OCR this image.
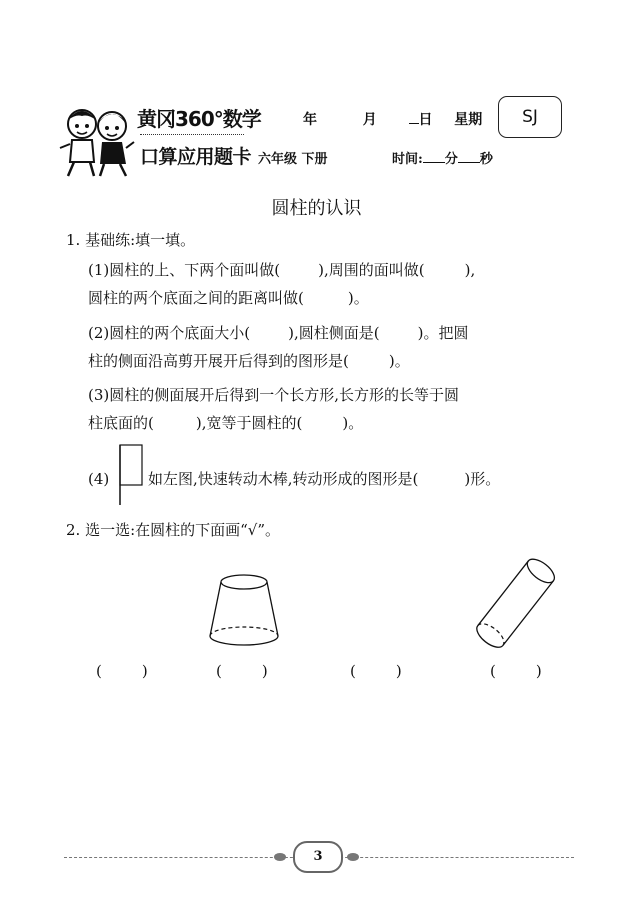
黄冈360°数学
口算应用题卡
年	月	日 星期	SJ
六年级 下册	时间: 分 秒
圆柱的认识
1. 基础练:填一填。
(1)圆柱的上、下两个面叫做(	),周围的面叫做(	),
圆柱的两个底面之间的距离叫做(	)。
(2)圆柱的两个底面大小(	),圆柱侧面是(	)。把圆
柱的侧面沿高剪开展开后得到的图形是(	)。
(3)圆柱的侧面展开后得到一个长方形,长方形的长等于圆
柱底面的(	),宽等于圆柱的(	)。
(4)	如左图,快速转动木棒,转动形成的图形是(	)形。
2. 选一选:在圆柱的下面画“√”。
(	)	(	)	(	)	(	)
3
